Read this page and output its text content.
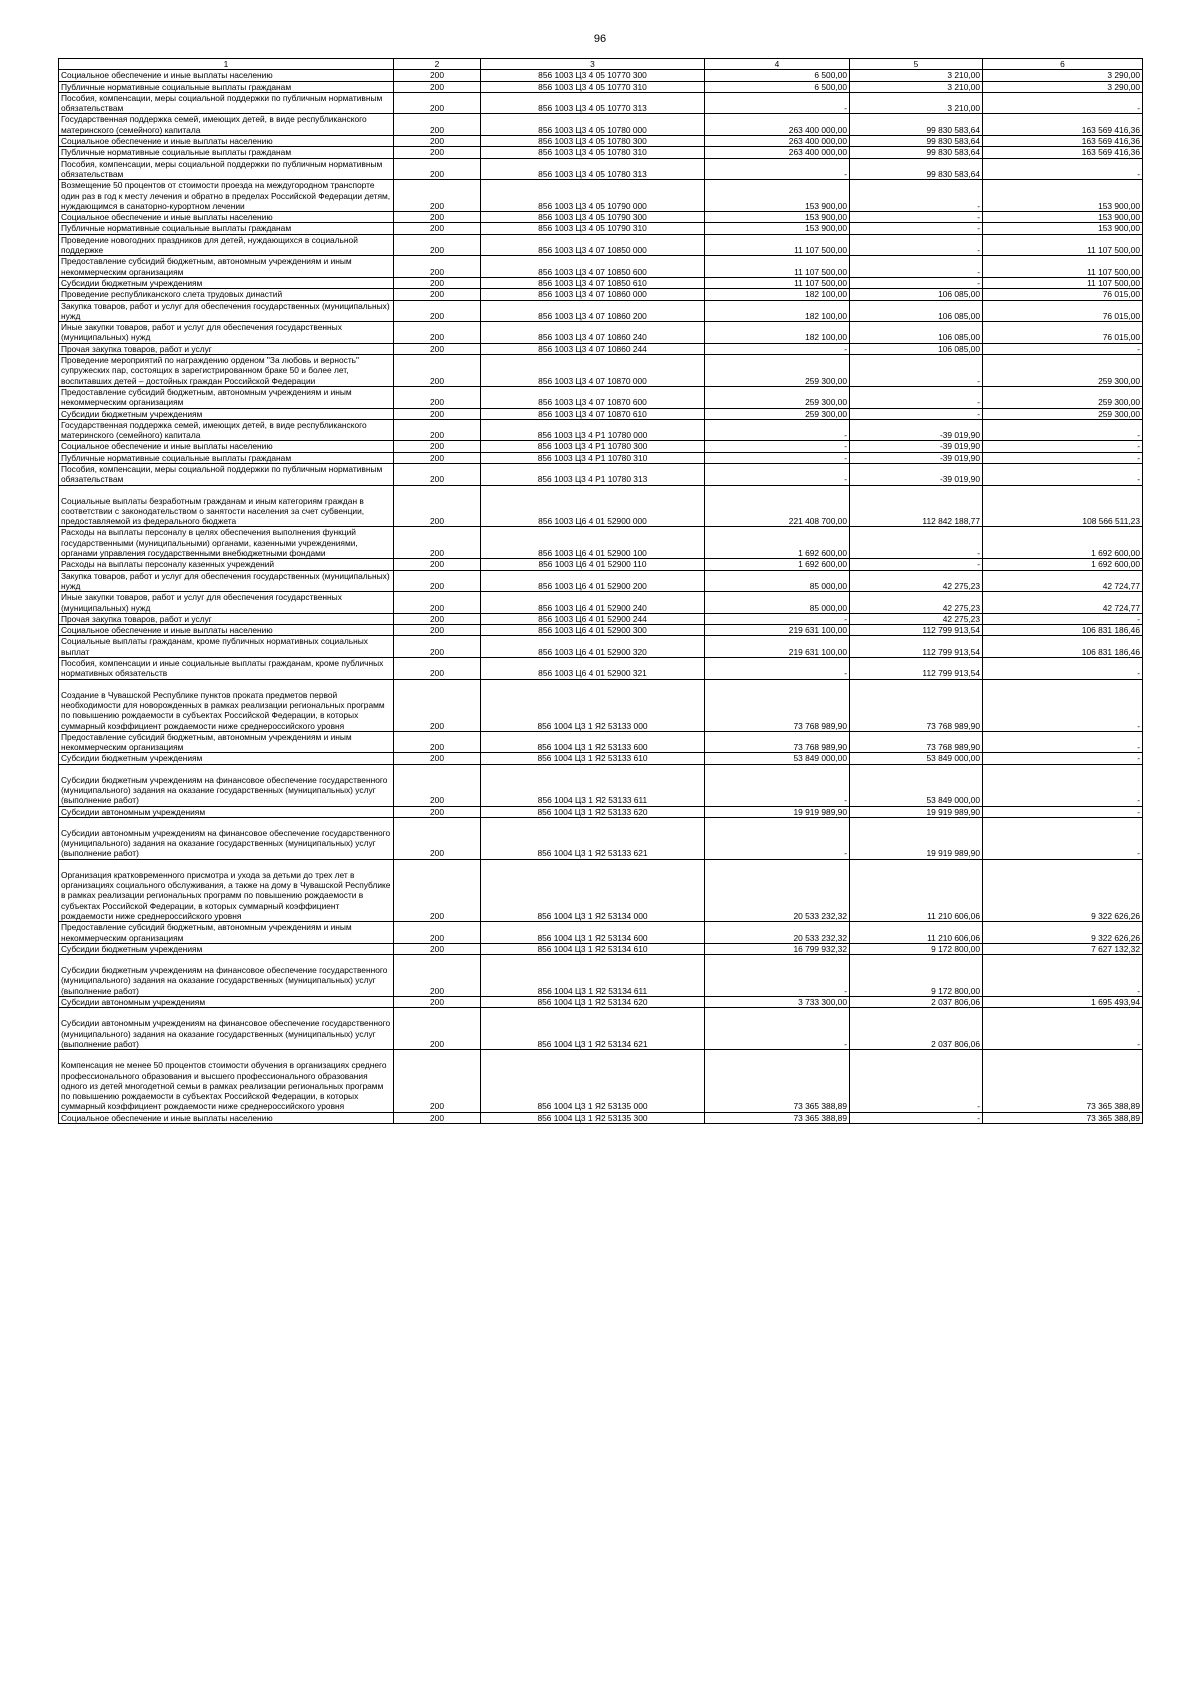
96
1	2	3	4	5	6
Социальное обеспечение и иные выплаты населению	200	856 1003 Ц3 4 05 10770 300	6 500,00	3 210,00	3 290,00
Публичные нормативные социальные выплаты гражданам	200	856 1003 Ц3 4 05 10770 310	6 500,00	3 210,00	3 290,00
Пособия, компенсации, меры социальной поддержки по публичным нормативным обязательствам	200	856 1003 Ц3 4 05 10770 313	-	3 210,00	-
Государственная поддержка семей, имеющих детей, в виде республиканского материнского (семейного) капитала	200	856 1003 Ц3 4 05 10780 000	263 400 000,00	99 830 583,64	163 569 416,36
Социальное обеспечение и иные выплаты населению	200	856 1003 Ц3 4 05 10780 300	263 400 000,00	99 830 583,64	163 569 416,36
Публичные нормативные социальные выплаты гражданам	200	856 1003 Ц3 4 05 10780 310	263 400 000,00	99 830 583,64	163 569 416,36
Пособия, компенсации, меры социальной поддержки по публичным нормативным обязательствам	200	856 1003 Ц3 4 05 10780 313	-	99 830 583,64	-
Возмещение 50 процентов от стоимости проезда на междугородном транспорте один раз в год к месту лечения и обратно в пределах Российской Федерации детям, нуждающимся в санаторно-курортном лечении	200	856 1003 Ц3 4 05 10790 000	153 900,00	-	153 900,00
Социальное обеспечение и иные выплаты населению	200	856 1003 Ц3 4 05 10790 300	153 900,00	-	153 900,00
Публичные нормативные социальные выплаты гражданам	200	856 1003 Ц3 4 05 10790 310	153 900,00	-	153 900,00
Проведение новогодних праздников для детей, нуждающихся в социальной поддержке	200	856 1003 Ц3 4 07 10850 000	11 107 500,00	-	11 107 500,00
Предоставление субсидий бюджетным, автономным учреждениям и иным некоммерческим организациям	200	856 1003 Ц3 4 07 10850 600	11 107 500,00	-	11 107 500,00
Субсидии бюджетным учреждениям	200	856 1003 Ц3 4 07 10850 610	11 107 500,00	-	11 107 500,00
Проведение республиканского слета трудовых династий	200	856 1003 Ц3 4 07 10860 000	182 100,00	106 085,00	76 015,00
Закупка товаров, работ и услуг для обеспечения государственных (муниципальных) нужд	200	856 1003 Ц3 4 07 10860 200	182 100,00	106 085,00	76 015,00
Иные закупки товаров, работ и услуг для обеспечения государственных (муниципальных) нужд	200	856 1003 Ц3 4 07 10860 240	182 100,00	106 085,00	76 015,00
Прочая закупка товаров, работ и услуг	200	856 1003 Ц3 4 07 10860 244	-	106 085,00	-
Проведение мероприятий по награждению орденом "За любовь и верность" супружеских пар, состоящих в зарегистрированном браке 50 и более лет, воспитавших детей – достойных граждан Российской Федерации	200	856 1003 Ц3 4 07 10870 000	259 300,00	-	259 300,00
Предоставление субсидий бюджетным, автономным учреждениям и иным некоммерческим организациям	200	856 1003 Ц3 4 07 10870 600	259 300,00	-	259 300,00
Субсидии бюджетным учреждениям	200	856 1003 Ц3 4 07 10870 610	259 300,00	-	259 300,00
Государственная поддержка семей, имеющих детей, в виде республиканского материнского (семейного) капитала	200	856 1003 Ц3 4 Р1 10780 000	-	-39 019,90	-
Социальное обеспечение и иные выплаты населению	200	856 1003 Ц3 4 Р1 10780 300	-	-39 019,90	-
Публичные нормативные социальные выплаты гражданам	200	856 1003 Ц3 4 Р1 10780 310	-	-39 019,90	-
Пособия, компенсации, меры социальной поддержки по публичным нормативным обязательствам	200	856 1003 Ц3 4 Р1 10780 313	-	-39 019,90	-
Социальные выплаты безработным гражданам и иным категориям граждан в соответствии с законодательством о занятости населения за счет субвенции, предоставляемой из федерального бюджета	200	856 1003 Ц6 4 01 52900 000	221 408 700,00	112 842 188,77	108 566 511,23
Расходы на выплаты персоналу в целях обеспечения выполнения функций государственными (муниципальными) органами, казенными учреждениями, органами управления государственными внебюджетными фондами	200	856 1003 Ц6 4 01 52900 100	1 692 600,00	-	1 692 600,00
Расходы на выплаты персоналу казенных учреждений	200	856 1003 Ц6 4 01 52900 110	1 692 600,00	-	1 692 600,00
Закупка товаров, работ и услуг для обеспечения государственных (муниципальных) нужд	200	856 1003 Ц6 4 01 52900 200	85 000,00	42 275,23	42 724,77
Иные закупки товаров, работ и услуг для обеспечения государственных (муниципальных) нужд	200	856 1003 Ц6 4 01 52900 240	85 000,00	42 275,23	42 724,77
Прочая закупка товаров, работ и услуг	200	856 1003 Ц6 4 01 52900 244	-	42 275,23	-
Социальное обеспечение и иные выплаты населению	200	856 1003 Ц6 4 01 52900 300	219 631 100,00	112 799 913,54	106 831 186,46
Социальные выплаты гражданам, кроме публичных нормативных социальных выплат	200	856 1003 Ц6 4 01 52900 320	219 631 100,00	112 799 913,54	106 831 186,46
Пособия, компенсации и иные социальные выплаты гражданам, кроме публичных нормативных обязательств	200	856 1003 Ц6 4 01 52900 321	-	112 799 913,54	-
Создание в Чувашской Республике пунктов проката предметов первой необходимости для новорожденных в рамках реализации региональных программ по повышению рождаемости в субъектах Российской Федерации, в которых суммарный коэффициент рождаемости ниже среднероссийского уровня	200	856 1004 Ц3 1 Я2 53133 000	73 768 989,90	73 768 989,90	-
Предоставление субсидий бюджетным, автономным учреждениям и иным некоммерческим организациям	200	856 1004 Ц3 1 Я2 53133 600	73 768 989,90	73 768 989,90	-
Субсидии бюджетным учреждениям	200	856 1004 Ц3 1 Я2 53133 610	53 849 000,00	53 849 000,00	-
Субсидии бюджетным учреждениям на финансовое обеспечение государственного (муниципального) задания на оказание государственных (муниципальных) услуг (выполнение работ)	200	856 1004 Ц3 1 Я2 53133 611	-	53 849 000,00	-
Субсидии автономным учреждениям	200	856 1004 Ц3 1 Я2 53133 620	19 919 989,90	19 919 989,90	-
Субсидии автономным учреждениям на финансовое обеспечение государственного (муниципального) задания на оказание государственных (муниципальных) услуг (выполнение работ)	200	856 1004 Ц3 1 Я2 53133 621	-	19 919 989,90	-
Организация кратковременного присмотра и ухода за детьми до трех лет в организациях социального обслуживания, а также на дому в Чувашской Республике в рамках реализации региональных программ по повышению рождаемости в субъектах Российской Федерации, в которых суммарный коэффициент рождаемости ниже среднероссийского уровня	200	856 1004 Ц3 1 Я2 53134 000	20 533 232,32	11 210 606,06	9 322 626,26
Предоставление субсидий бюджетным, автономным учреждениям и иным некоммерческим организациям	200	856 1004 Ц3 1 Я2 53134 600	20 533 232,32	11 210 606,06	9 322 626,26
Субсидии бюджетным учреждениям	200	856 1004 Ц3 1 Я2 53134 610	16 799 932,32	9 172 800,00	7 627 132,32
Субсидии бюджетным учреждениям на финансовое обеспечение государственного (муниципального) задания на оказание государственных (муниципальных) услуг (выполнение работ)	200	856 1004 Ц3 1 Я2 53134 611	-	9 172 800,00	-
Субсидии автономным учреждениям	200	856 1004 Ц3 1 Я2 53134 620	3 733 300,00	2 037 806,06	1 695 493,94
Субсидии автономным учреждениям на финансовое обеспечение государственного (муниципального) задания на оказание государственных (муниципальных) услуг (выполнение работ)	200	856 1004 Ц3 1 Я2 53134 621	-	2 037 806,06	-
Компенсация не менее 50 процентов стоимости обучения в организациях среднего профессионального образования и высшего профессионального образования одного из детей многодетной семьи в рамках реализации региональных программ по повышению рождаемости в субъектах Российской Федерации, в которых суммарный коэффициент рождаемости ниже среднероссийского уровня	200	856 1004 Ц3 1 Я2 53135 000	73 365 388,89	-	73 365 388,89
Социальное обеспечение и иные выплаты населению	200	856 1004 Ц3 1 Я2 53135 300	73 365 388,89	-	73 365 388,89
